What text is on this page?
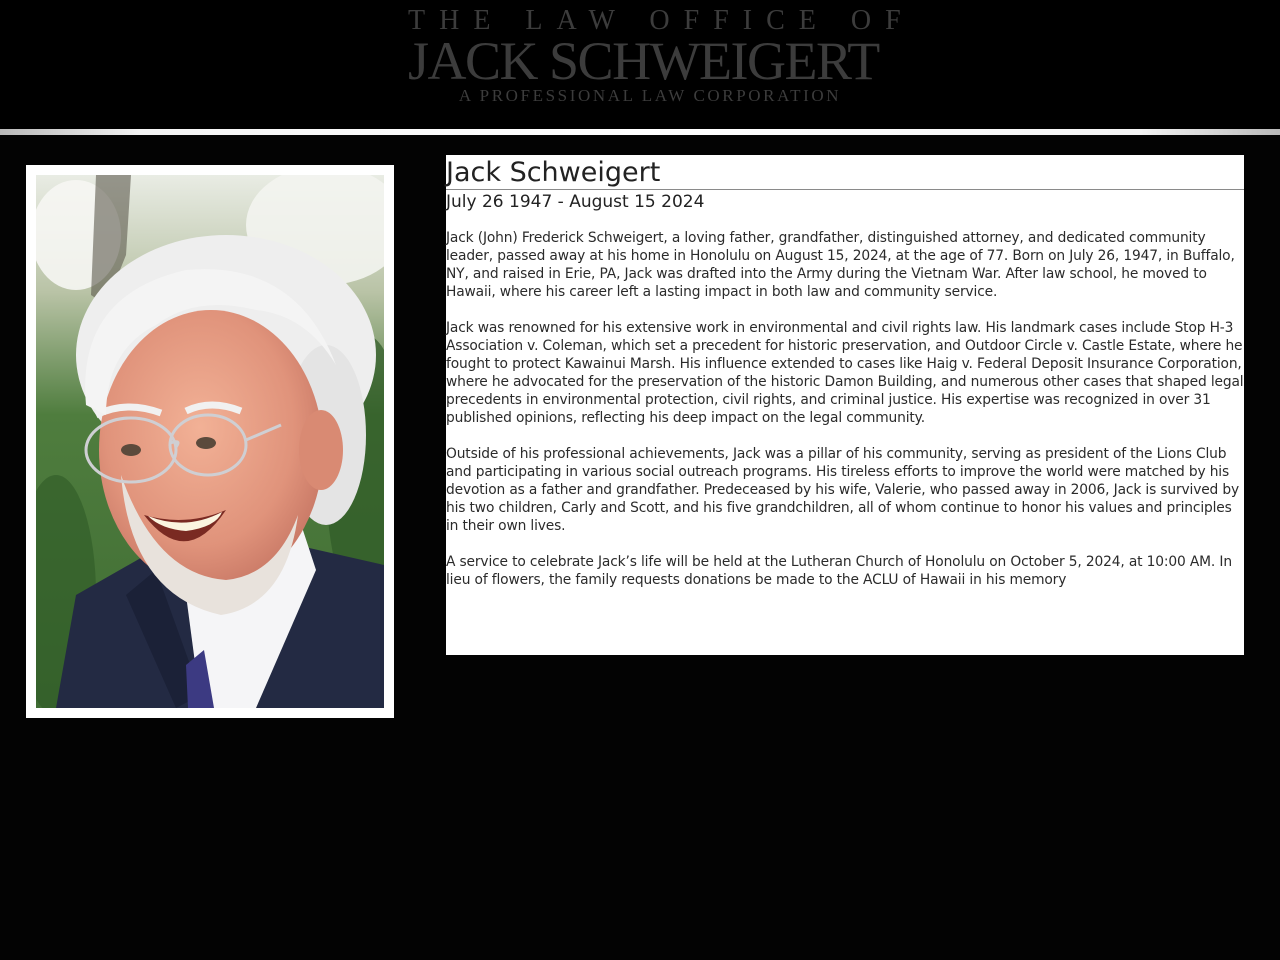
THE LAW OFFICE OF
JACK SCHWEIGERT
A PROFESSIONAL LAW CORPORATION
Jack Schweigert
July 26 1947 - August 15 2024

Jack (John) Frederick Schweigert, a loving father, grandfather, distinguished attorney, and dedicated community leader, passed away at his home in Honolulu on August 15, 2024, at the age of 77. Born on July 26, 1947, in Buffalo, NY, and raised in Erie, PA, Jack was drafted into the Army during the Vietnam War. After law school, he moved to Hawaii, where his career left a lasting impact in both law and community service.

Jack was renowned for his extensive work in environmental and civil rights law. His landmark cases include Stop H-3 Association v. Coleman, which set a precedent for historic preservation, and Outdoor Circle v. Castle Estate, where he fought to protect Kawainui Marsh. His influence extended to cases like Haig v. Federal Deposit Insurance Corporation, where he advocated for the preservation of the historic Damon Building, and numerous other cases that shaped legal precedents in environmental protection, civil rights, and criminal justice. His expertise was recognized in over 31 published opinions, reflecting his deep impact on the legal community.

Outside of his professional achievements, Jack was a pillar of his community, serving as president of the Lions Club and participating in various social outreach programs. His tireless efforts to improve the world were matched by his devotion as a father and grandfather. Predeceased by his wife, Valerie, who passed away in 2006, Jack is survived by his two children, Carly and Scott, and his five grandchildren, all of whom continue to honor his values and principles in their own lives.

A service to celebrate Jack’s life will be held at the Lutheran Church of Honolulu on October 5, 2024, at 10:00 AM. In lieu of flowers, the family requests donations be made to the ACLU of Hawaii in his memory
